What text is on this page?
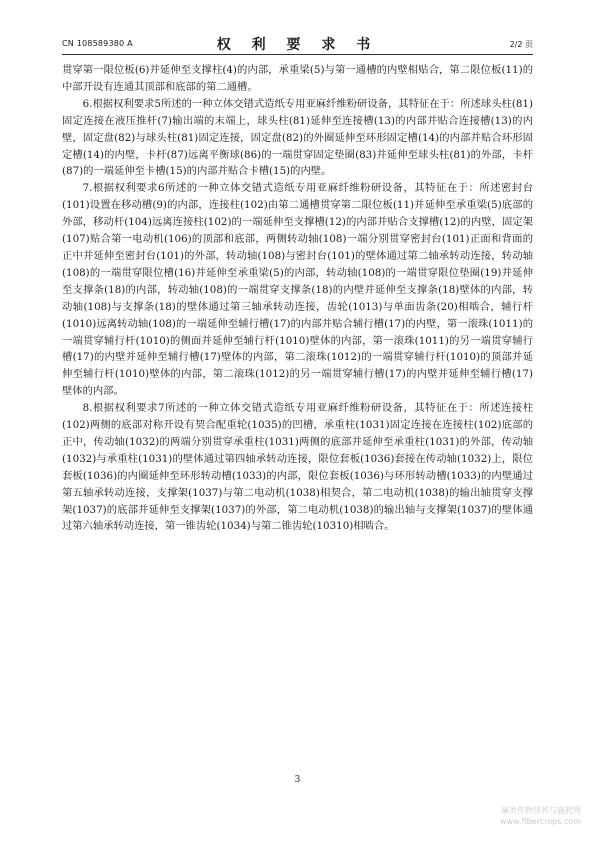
CN 108589380 A	权 利 要 求 书	2/2 页

贯穿第一限位板(6)并延伸至支撑柱(4)的内部，承重梁(5)与第一通槽的内壁相贴合，第二限位板(11)的中部开设有连通其顶部和底部的第二通槽。

6.根据权利要求5所述的一种立体交错式造纸专用亚麻纤维粉研设备，其特征在于：所述球头柱(81)固定连接在液压推杆(7)输出端的末端上，球头柱(81)延伸至连接槽(13)的内部并贴合连接槽(13)的内壁，固定盘(82)与球头柱(81)固定连接，固定盘(82)的外圈延伸至环形固定槽(14)的内部并贴合环形固定槽(14)的内壁，卡杆(87)远离平衡球(86)的一端贯穿固定垫圈(83)并延伸至球头柱(81)的外部，卡杆(87)的一端延伸至卡槽(15)的内部并贴合卡槽(15)的内壁。

7.根据权利要求6所述的一种立体交错式造纸专用亚麻纤维粉研设备，其特征在于：所述密封台(101)设置在移动槽(9)的内部，连接柱(102)由第二通槽贯穿第二限位板(11)并延伸至承重梁(5)底部的外部，移动杆(104)远离连接柱(102)的一端延伸至支撑槽(12)的内部并贴合支撑槽(12)的内壁，固定架(107)贴合第一电动机(106)的顶部和底部，两侧转动轴(108)一端分别贯穿密封台(101)正面和背面的正中并延伸至密封台(101)的外部，转动轴(108)与密封台(101)的壁体通过第二轴承转动连接，转动轴(108)的一端贯穿限位槽(16)并延伸至承重梁(5)的内部，转动轴(108)的一端贯穿限位垫圈(19)并延伸至支撑条(18)的内部，转动轴(108)的一端贯穿支撑条(18)的内壁并延伸至支撑条(18)壁体的内部，转动轴(108)与支撑条(18)的壁体通过第三轴承转动连接，齿轮(1013)与单面齿条(20)相啮合，辅行杆(1010)远离转动轴(108)的一端延伸至辅行槽(17)的内部并贴合辅行槽(17)的内壁，第一滚珠(1011)的一端贯穿辅行杆(1010)的侧面并延伸至辅行杆(1010)壁体的内部，第一滚珠(1011)的另一端贯穿辅行槽(17)的内壁并延伸至辅行槽(17)壁体的内部，第二滚珠(1012)的一端贯穿辅行杆(1010)的顶部并延伸至辅行杆(1010)壁体的内部，第二滚珠(1012)的另一端贯穿辅行槽(17)的内壁并延伸至辅行槽(17)壁体的内部。

8.根据权利要求7所述的一种立体交错式造纸专用亚麻纤维粉研设备，其特征在于：所述连接柱(102)两侧的底部对称开设有契合配重轮(1035)的凹槽，承重柱(1031)固定连接在连接柱(102)底部的正中，传动轴(1032)的两端分别贯穿承重柱(1031)两侧的底部并延伸至承重柱(1031)的外部，传动轴(1032)与承重柱(1031)的壁体通过第四轴承转动连接，限位套板(1036)套接在传动轴(1032)上，限位套板(1036)的内圈延伸至环形转动槽(1033)的内部，限位套板(1036)与环形转动槽(1033)的内壁通过第五轴承转动连接，支撑架(1037)与第二电动机(1038)相契合，第二电动机(1038)的输出轴贯穿支撑架(1037)的底部并延伸至支撑架(1037)的外部，第二电动机(1038)的输出轴与支撑架(1037)的壁体通过第六轴承转动连接，第一锥齿轮(1034)与第二锥齿轮(10310)相啮合。

3
麻类作物营养与施肥网
www.fibercrops.com
